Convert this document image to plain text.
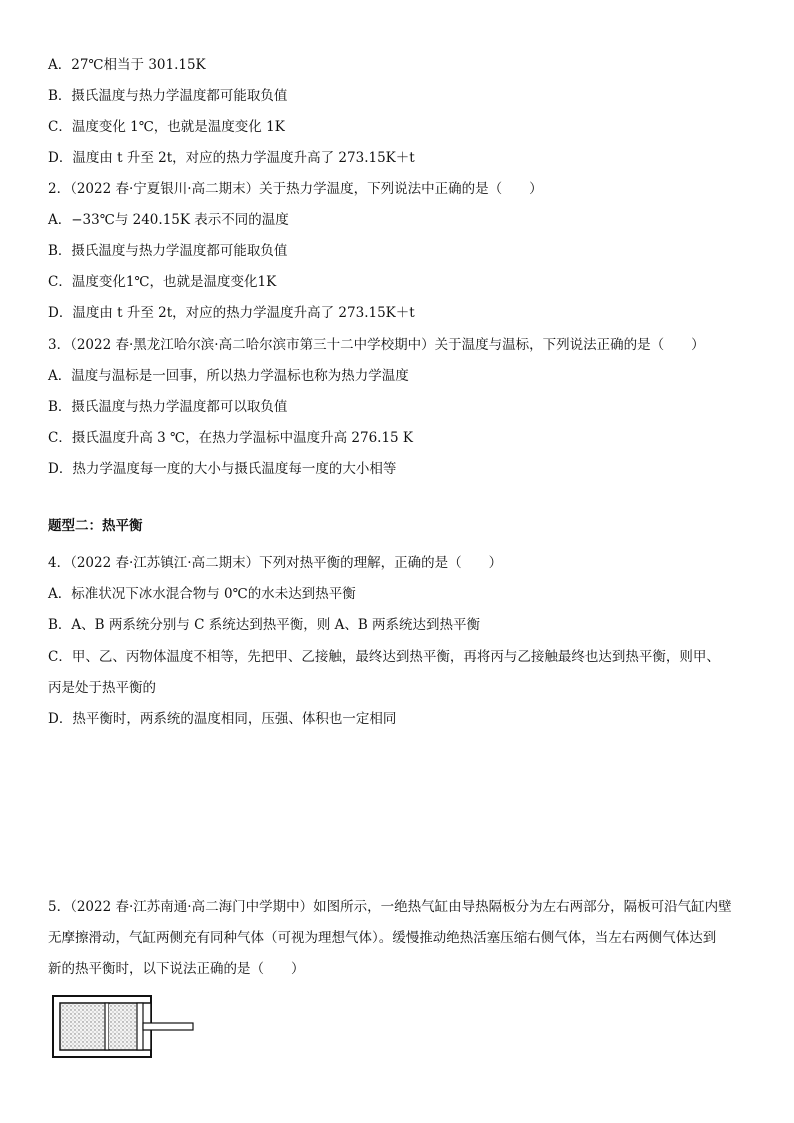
A．27℃相当于 301.15K
B．摄氏温度与热力学温度都可能取负值
C．温度变化 1℃，也就是温度变化 1K
D．温度由 t 升至 2t，对应的热力学温度升高了 273.15K＋t
2．（2022 春·宁夏银川·高二期末）关于热力学温度，下列说法中正确的是（　　）
A．−33℃与 240.15K 表示不同的温度
B．摄氏温度与热力学温度都可能取负值
C．温度变化1℃，也就是温度变化1K
D．温度由 t 升至 2t，对应的热力学温度升高了 273.15K＋t
3．（2022 春·黑龙江哈尔滨·高二哈尔滨市第三十二中学校期中）关于温度与温标，下列说法正确的是（　　）
A．温度与温标是一回事，所以热力学温标也称为热力学温度
B．摄氏温度与热力学温度都可以取负值
C．摄氏温度升高 3 ℃，在热力学温标中温度升高 276.15 K
D．热力学温度每一度的大小与摄氏温度每一度的大小相等
题型二：热平衡
4．（2022 春·江苏镇江·高二期末）下列对热平衡的理解，正确的是（　　）
A．标准状况下冰水混合物与 0℃的水未达到热平衡
B．A、B 两系统分别与 C 系统达到热平衡，则 A、B 两系统达到热平衡
C．甲、乙、丙物体温度不相等，先把甲、乙接触，最终达到热平衡，再将丙与乙接触最终也达到热平衡，则甲、
丙是处于热平衡的
D．热平衡时，两系统的温度相同，压强、体积也一定相同
5．（2022 春·江苏南通·高二海门中学期中）如图所示，一绝热气缸由导热隔板分为左右两部分，隔板可沿气缸内壁
无摩擦滑动，气缸两侧充有同种气体（可视为理想气体）。缓慢推动绝热活塞压缩右侧气体，当左右两侧气体达到
新的热平衡时，以下说法正确的是（　　）
